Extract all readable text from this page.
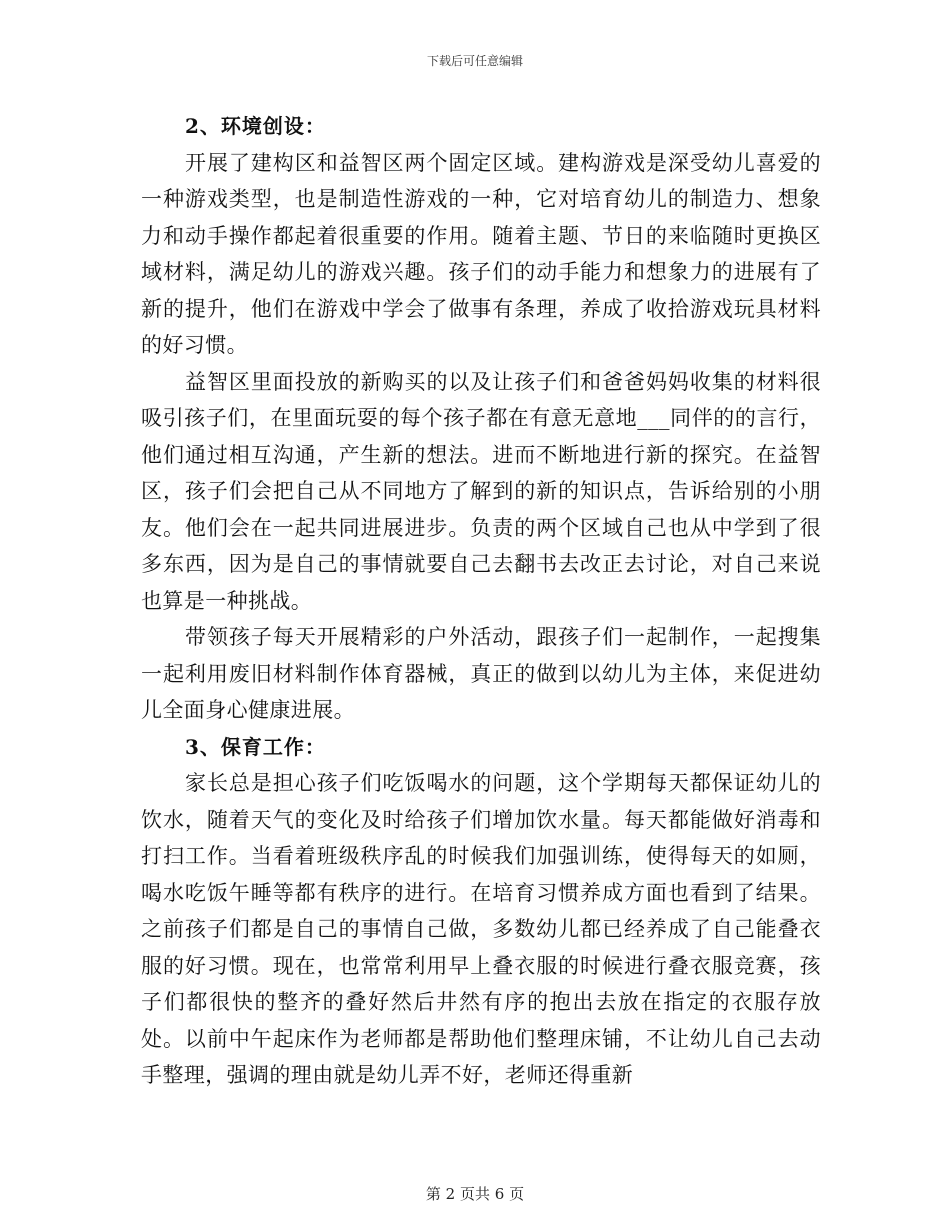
下载后可任意编辑
2、环境创设：

开展了建构区和益智区两个固定区域。建构游戏是深受幼儿喜爱的一种游戏类型，也是制造性游戏的一种，它对培育幼儿的制造力、想象力和动手操作都起着很重要的作用。随着主题、节日的来临随时更换区域材料，满足幼儿的游戏兴趣。孩子们的动手能力和想象力的进展有了新的提升，他们在游戏中学会了做事有条理，养成了收拾游戏玩具材料的好习惯。

益智区里面投放的新购买的以及让孩子们和爸爸妈妈收集的材料很吸引孩子们，在里面玩耍的每个孩子都在有意无意地___同伴的的言行，他们通过相互沟通，产生新的想法。进而不断地进行新的探究。在益智区，孩子们会把自己从不同地方了解到的新的知识点，告诉给别的小朋友。他们会在一起共同进展进步。负责的两个区域自己也从中学到了很多东西，因为是自己的事情就要自己去翻书去改正去讨论，对自己来说也算是一种挑战。

带领孩子每天开展精彩的户外活动，跟孩子们一起制作，一起搜集一起利用废旧材料制作体育器械，真正的做到以幼儿为主体，来促进幼儿全面身心健康进展。

3、保育工作：

家长总是担心孩子们吃饭喝水的问题，这个学期每天都保证幼儿的饮水，随着天气的变化及时给孩子们增加饮水量。每天都能做好消毒和打扫工作。当看着班级秩序乱的时候我们加强训练，使得每天的如厕，喝水吃饭午睡等都有秩序的进行。在培育习惯养成方面也看到了结果。之前孩子们都是自己的事情自己做，多数幼儿都已经养成了自己能叠衣服的好习惯。现在，也常常利用早上叠衣服的时候进行叠衣服竞赛，孩子们都很快的整齐的叠好然后井然有序的抱出去放在指定的衣服存放处。以前中午起床作为老师都是帮助他们整理床铺，不让幼儿自己去动手整理，强调的理由就是幼儿弄不好，老师还得重新

第 2 页共 6 页
